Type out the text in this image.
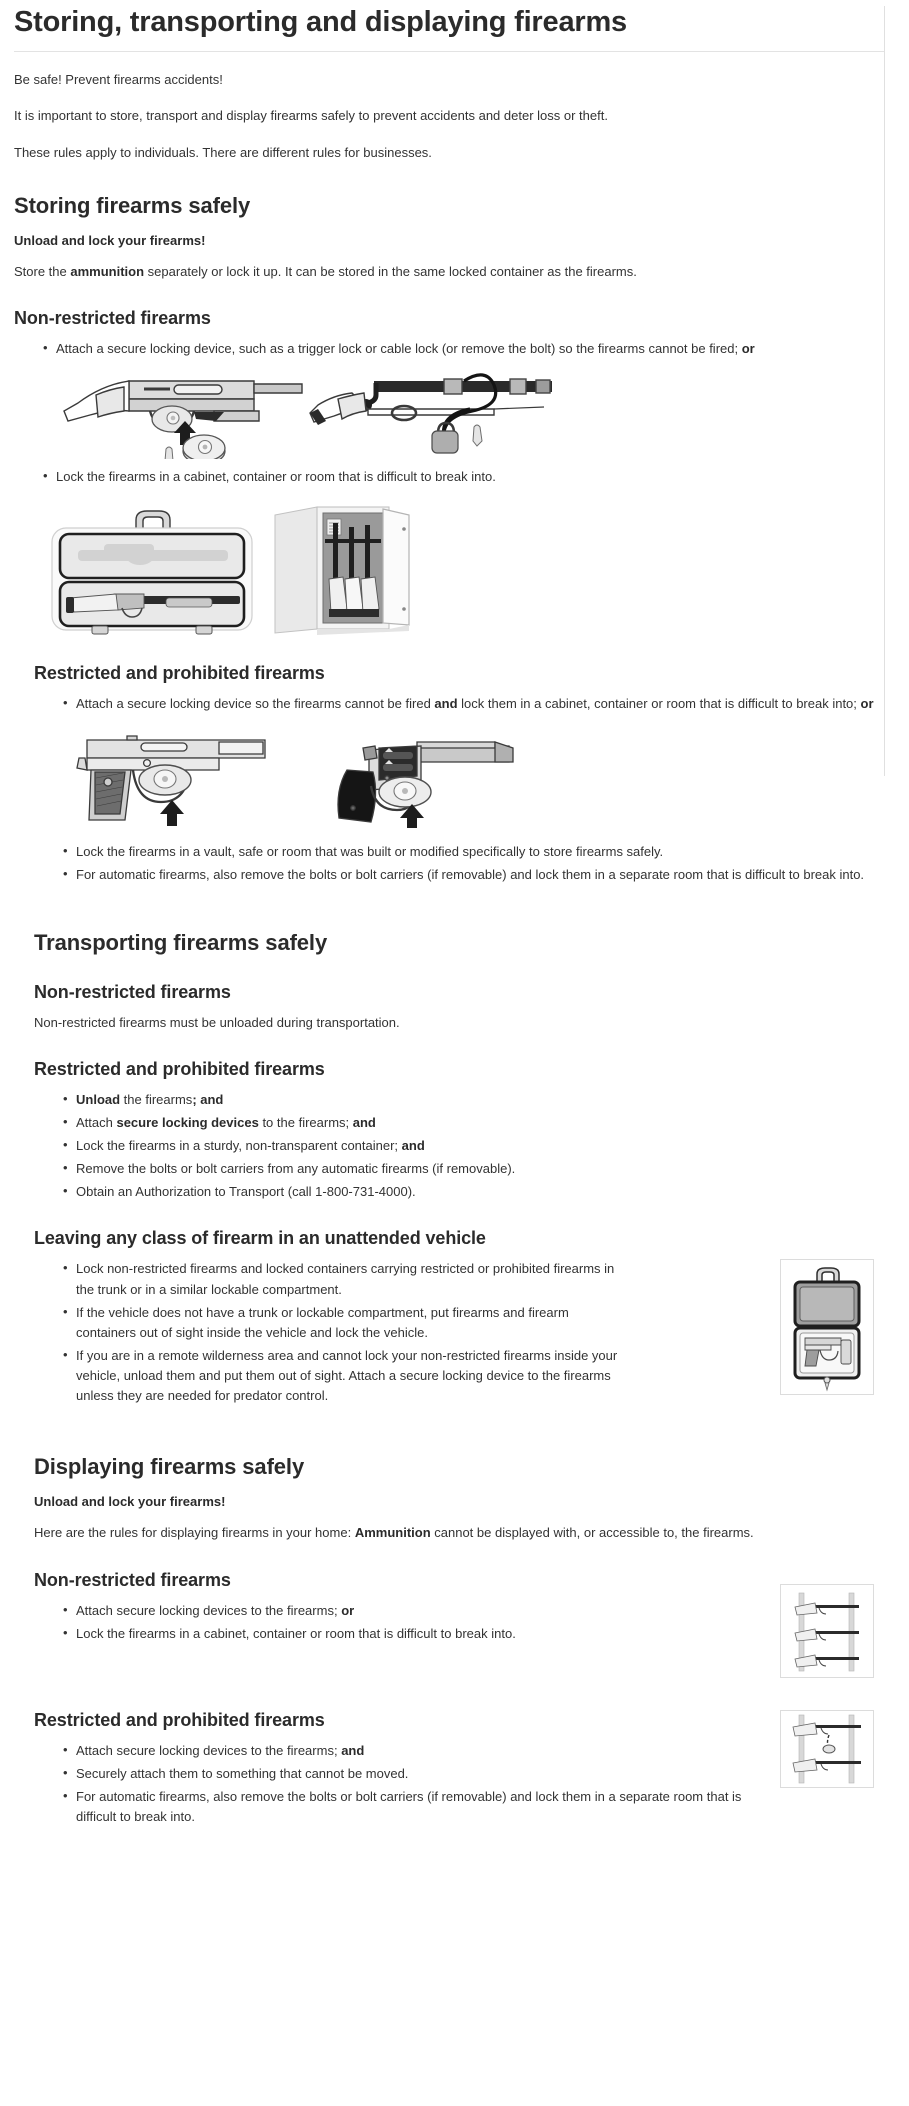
Storing, transporting and displaying firearms

Be safe! Prevent firearms accidents!

It is important to store, transport and display firearms safely to prevent accidents and deter loss or theft.

These rules apply to individuals. There are different rules for businesses.

Storing firearms safely

Unload and lock your firearms!

Store the ammunition separately or lock it up. It can be stored in the same locked container as the firearms.

Non-restricted firearms
• Attach a secure locking device, such as a trigger lock or cable lock (or remove the bolt) so the firearms cannot be fired; or
• Lock the firearms in a cabinet, container or room that is difficult to break into.
Restricted and prohibited firearms
• Attach a secure locking device so the firearms cannot be fired and lock them in a cabinet, container or room that is difficult to break into; or
• Lock the firearms in a vault, safe or room that was built or modified specifically to store firearms safely.
• For automatic firearms, also remove the bolts or bolt carriers (if removable) and lock them in a separate room that is difficult to break into.
Transporting firearms safely
Non-restricted firearms

Non-restricted firearms must be unloaded during transportation.

Restricted and prohibited firearms
• Unload the firearms; and
• Attach secure locking devices to the firearms; and
• Lock the firearms in a sturdy, non-transparent container; and
• Remove the bolts or bolt carriers from any automatic firearms (if removable).
• Obtain an Authorization to Transport (call 1-800-731-4000).
Leaving any class of firearm in an unattended vehicle
• Lock non-restricted firearms and locked containers carrying restricted or prohibited firearms in the trunk or in a similar lockable compartment.
• If the vehicle does not have a trunk or lockable compartment, put firearms and firearm containers out of sight inside the vehicle and lock the vehicle.
• If you are in a remote wilderness area and cannot lock your non-restricted firearms inside your vehicle, unload them and put them out of sight. Attach a secure locking device to the firearms unless they are needed for predator control.
Displaying firearms safely

Unload and lock your firearms!

Here are the rules for displaying firearms in your home: Ammunition cannot be displayed with, or accessible to, the firearms.

Non-restricted firearms
• Attach secure locking devices to the firearms; or
• Lock the firearms in a cabinet, container or room that is difficult to break into.
Restricted and prohibited firearms
• Attach secure locking devices to the firearms; and
• Securely attach them to something that cannot be moved.
• For automatic firearms, also remove the bolts or bolt carriers (if removable) and lock them in a separate room that is difficult to break into.
